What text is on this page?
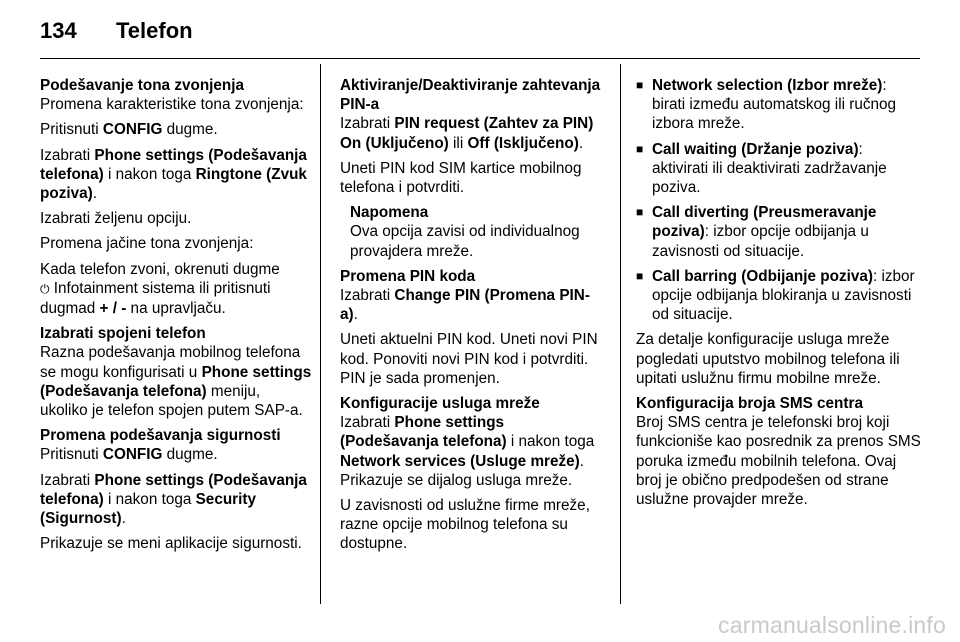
134 Telefon
Podešavanje tona zvonjenja
Promena karakteristike tona zvonjenja:
Pritisnuti CONFIG dugme.
Izabrati Phone settings (Podešavanja telefona) i nakon toga Ringtone (Zvuk poziva).
Izabrati željenu opciju.
Promena jačine tona zvonjenja:
Kada telefon zvoni, okrenuti dugme
⏻ Infotainment sistema ili pritisnuti dugmad + / - na upravljaču.
Izabrati spojeni telefon
Razna podešavanja mobilnog telefona se mogu konfigurisati u Phone settings (Podešavanja telefona) meniju, ukoliko je telefon spojen putem SAP-a.
Promena podešavanja sigurnosti
Pritisnuti CONFIG dugme.
Izabrati Phone settings (Podešavanja telefona) i nakon toga Security (Sigurnost).
Prikazuje se meni aplikacije sigurnosti.
Aktiviranje/Deaktiviranje zahtevanja PIN-a
Izabrati PIN request (Zahtev za PIN) On (Uključeno) ili Off (Isključeno).
Uneti PIN kod SIM kartice mobilnog telefona i potvrditi.
Napomena
Ova opcija zavisi od individualnog provajdera mreže.
Promena PIN koda
Izabrati Change PIN (Promena PIN-a).
Uneti aktuelni PIN kod. Uneti novi PIN kod. Ponoviti novi PIN kod i potvrditi. PIN je sada promenjen.
Konfiguracije usluga mreže
Izabrati Phone settings (Podešavanja telefona) i nakon toga Network services (Usluge mreže). Prikazuje se dijalog usluga mreže.
U zavisnosti od uslužne firme mreže, razne opcije mobilnog telefona su dostupne.
■ Network selection (Izbor mreže): birati između automatskog ili ručnog izbora mreže.
■ Call waiting (Držanje poziva): aktivirati ili deaktivirati zadržavanje poziva.
■ Call diverting (Preusmeravanje poziva): izbor opcije odbijanja u zavisnosti od situacije.
■ Call barring (Odbijanje poziva): izbor opcije odbijanja blokiranja u zavisnosti od situacije.
Za detalje konfiguracije usluga mreže pogledati uputstvo mobilnog telefona ili upitati uslužnu firmu mobilne mreže.
Konfiguracija broja SMS centra
Broj SMS centra je telefonski broj koji funkcioniše kao posrednik za prenos SMS poruka između mobilnih telefona. Ovaj broj je obično predpodešen od strane uslužne provajder mreže.
carmanualsonline.info
